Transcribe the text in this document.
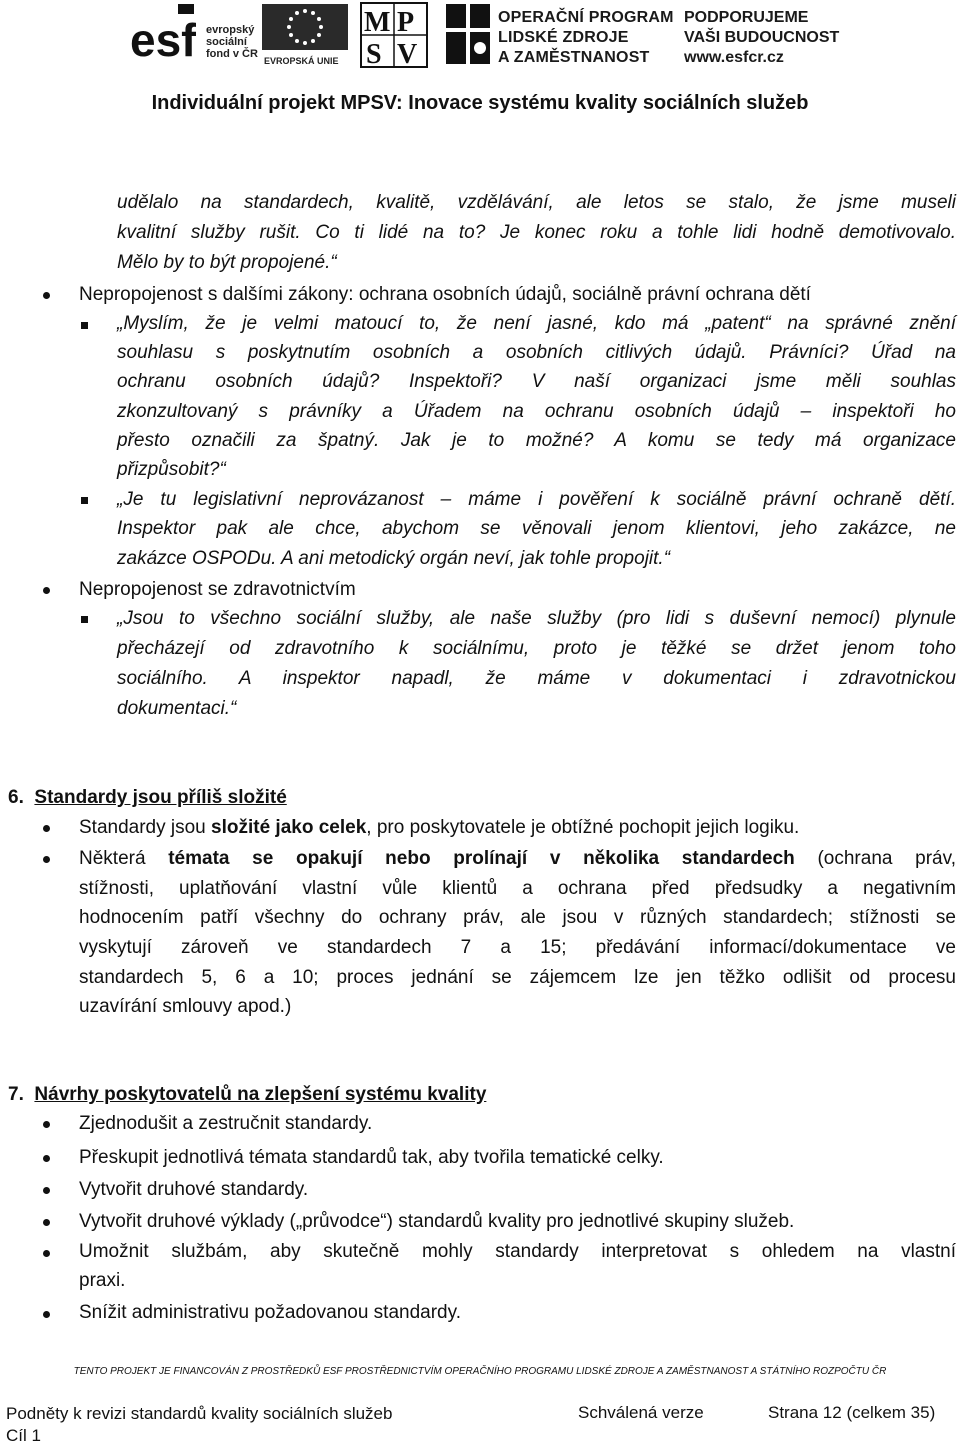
esf evropský
sociální
fond v ČR
EVROPSKÁ UNIE
M P
S V
OPERAČNÍ PROGRAM
LIDSKÉ ZDROJE
A ZAMĚSTNANOST
PODPORUJEME
VAŠI BUDOUCNOST
www.esfcr.cz
Individuální projekt MPSV: Inovace systému kvality sociálních služeb
udělalo na standardech, kvalitě, vzdělávání, ale letos se stalo, že jsme museli
kvalitní služby rušit. Co ti lidé na to? Je konec roku a tohle lidi hodně demotivovalo.
Mělo by to být propojené.“
Nepropojenost s dalšími zákony: ochrana osobních údajů, sociálně právní ochrana dětí
„Myslím, že je velmi matoucí to, že není jasné, kdo má „patent“ na správné znění
souhlasu s poskytnutím osobních a osobních citlivých údajů. Právníci? Úřad na
ochranu osobních údajů? Inspektoři? V naší organizaci jsme měli souhlas
zkonzultovaný s právníky a Úřadem na ochranu osobních údajů – inspektoři ho
přesto označili za špatný. Jak je to možné? A komu se tedy má organizace
přizpůsobit?“
„Je tu legislativní neprovázanost – máme i pověření k sociálně právní ochraně dětí.
Inspektor pak ale chce, abychom se věnovali jenom klientovi, jeho zakázce, ne
zakázce OSPODu. A ani metodický orgán neví, jak tohle propojit.“
Nepropojenost se zdravotnictvím
„Jsou to všechno sociální služby, ale naše služby (pro lidi s duševní nemocí) plynule
přecházejí od zdravotního k sociálnímu, proto je těžké se držet jenom toho
sociálního. A inspektor napadl, že máme v dokumentaci i zdravotnickou
dokumentaci.“
6. Standardy jsou příliš složité
Standardy jsou složité jako celek, pro poskytovatele je obtížné pochopit jejich logiku.
Některá témata se opakují nebo prolínají v několika standardech (ochrana práv,
stížnosti, uplatňování vlastní vůle klientů a ochrana před předsudky a negativním
hodnocením patří všechny do ochrany práv, ale jsou v různých standardech; stížnosti se
vyskytují zároveň ve standardech 7 a 15; předávání informací/dokumentace ve
standardech 5, 6 a 10; proces jednání se zájemcem lze jen těžko odlišit od procesu
uzavírání smlouvy apod.)
7. Návrhy poskytovatelů na zlepšení systému kvality
Zjednodušit a zestručnit standardy.
Přeskupit jednotlivá témata standardů tak, aby tvořila tematické celky.
Vytvořit druhové standardy.
Vytvořit druhové výklady („průvodce“) standardů kvality pro jednotlivé skupiny služeb.
Umožnit službám, aby skutečně mohly standardy interpretovat s ohledem na vlastní
praxi.
Snížit administrativu požadovanou standardy.
TENTO PROJEKT JE FINANCOVÁN Z PROSTŘEDKŮ ESF PROSTŘEDNICTVÍM OPERAČNÍHO PROGRAMU LIDSKÉ ZDROJE A ZAMĚSTNANOST A STÁTNÍHO ROZPOČTU ČR
Podněty k revizi standardů kvality sociálních služeb
Cíl 1
Schválená verze	Strana 12 (celkem 35)
